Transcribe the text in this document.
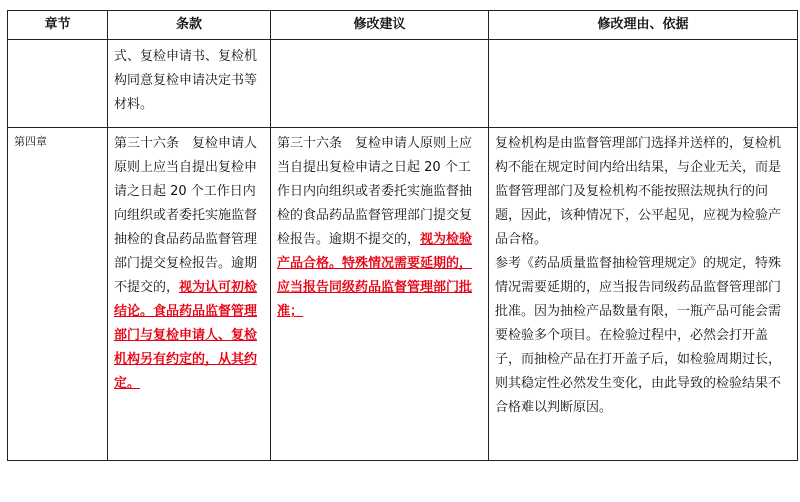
章节	条款	修改建议	修改理由、依据
	式、复检申请书、复检机构同意复检申请决定书等材料。		
第四章	第三十六条　复检申请人原则上应当自提出复检申请之日起 20 个工作日内向组织或者委托实施监督抽检的食品药品监督管理部门提交复检报告。逾期不提交的，视为认可初检结论。食品药品监督管理部门与复检申请人、复检机构另有约定的，从其约定。	第三十六条　复检申请人原则上应当自提出复检申请之日起 20 个工作日内向组织或者委托实施监督抽检的食品药品监督管理部门提交复检报告。逾期不提交的，视为检验产品合格。特殊情况需要延期的，应当报告同级药品监督管理部门批准；	复检机构是由监督管理部门选择并送样的，复检机构不能在规定时间内给出结果，与企业无关，而是监督管理部门及复检机构不能按照法规执行的问题，因此，该种情况下，公平起见，应视为检验产品合格。
参考《药品质量监督抽检管理规定》的规定，特殊情况需要延期的，应当报告同级药品监督管理部门批准。因为抽检产品数量有限，一瓶产品可能会需要检验多个项目。在检验过程中，必然会打开盖子，而抽检产品在打开盖子后，如检验周期过长，则其稳定性必然发生变化，由此导致的检验结果不合格难以判断原因。
